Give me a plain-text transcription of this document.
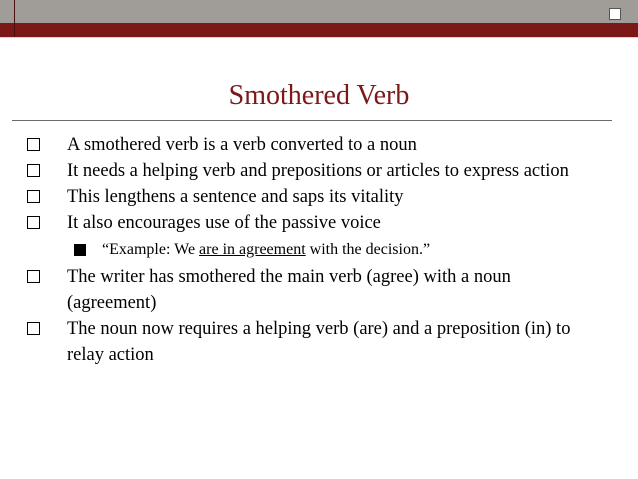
Smothered Verb
A smothered verb is a verb converted to a noun
It needs a helping verb and prepositions or articles to express action
This lengthens a sentence and saps its vitality
It also encourages use of the passive voice
“Example: We are in agreement with the decision.”
The writer has smothered the main verb (agree) with a noun (agreement)
The noun now requires a helping verb (are) and a preposition (in) to relay action
